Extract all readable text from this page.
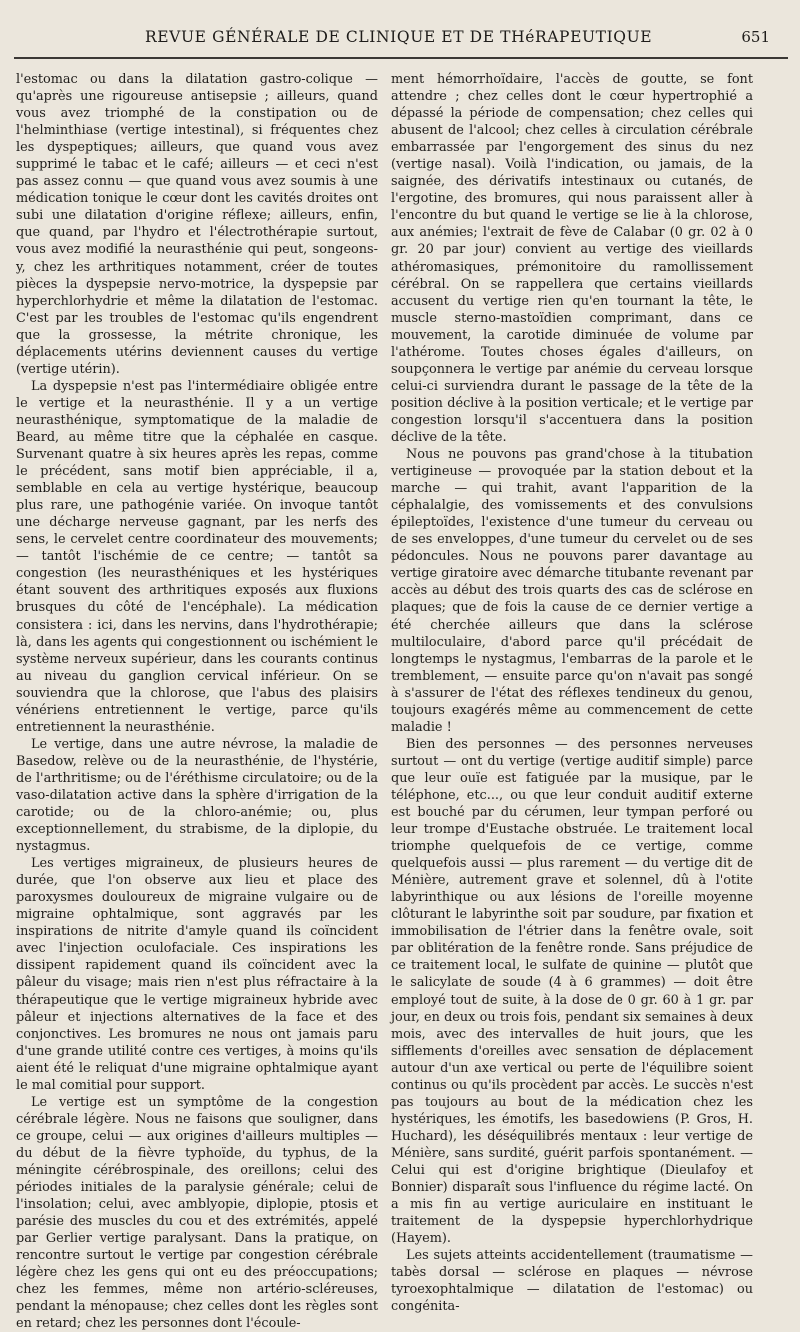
REVUE GÉNÉRALE DE CLINIQUE ET DE THéRAPEUTIQUE	651

l'estomac ou dans la dilatation gastro-colique — qu'après une rigoureuse antisepsie ; ailleurs, quand vous avez triomphé de la constipation ou de l'helminthiase (vertige intestinal), si fréquentes chez les dyspeptiques; ailleurs, que quand vous avez supprimé le tabac et le café; ailleurs — et ceci n'est pas assez connu — que quand vous avez soumis à une médication tonique le cœur dont les cavités droites ont subi une dilatation d'origine réflexe; ailleurs, enfin, que quand, par l'hydro et l'électrothérapie surtout, vous avez modifié la neurasthénie qui peut, songeons-y, chez les arthritiques notamment, créer de toutes pièces la dyspepsie nervo-motrice, la dyspepsie par hyperchlorhydrie et même la dilatation de l'estomac. C'est par les troubles de l'estomac qu'ils engendrent que la grossesse, la métrite chronique, les déplacements utérins deviennent causes du vertige (vertige utérin).

La dyspepsie n'est pas l'intermédiaire obligée entre le vertige et la neurasthénie. Il y a un vertige neurasthénique, symptomatique de la maladie de Beard, au même titre que la céphalée en casque. Survenant quatre à six heures après les repas, comme le précédent, sans motif bien appréciable, il a, semblable en cela au vertige hystérique, beaucoup plus rare, une pathogénie variée. On invoque tantôt une décharge nerveuse gagnant, par les nerfs des sens, le cervelet centre coordinateur des mouvements; — tantôt l'ischémie de ce centre; — tantôt sa congestion (les neurasthéniques et les hystériques étant souvent des arthritiques exposés aux fluxions brusques du côté de l'encéphale). La médication consistera : ici, dans les nervins, dans l'hydrothérapie; là, dans les agents qui congestionnent ou ischémient le système nerveux supérieur, dans les courants continus au niveau du ganglion cervical inférieur. On se souviendra que la chlorose, que l'abus des plaisirs vénériens entretiennent le vertige, parce qu'ils entretiennent la neurasthénie.

Le vertige, dans une autre névrose, la maladie de Basedow, relève ou de la neurasthénie, de l'hystérie, de l'arthritisme; ou de l'éréthisme circulatoire; ou de la vaso-dilatation active dans la sphère d'irrigation de la carotide; ou de la chloro-anémie; ou, plus exceptionnellement, du strabisme, de la diplopie, du nystagmus.

Les vertiges migraineux, de plusieurs heures de durée, que l'on observe aux lieu et place des paroxysmes douloureux de migraine vulgaire ou de migraine ophtalmique, sont aggravés par les inspirations de nitrite d'amyle quand ils coïncident avec l'injection oculofaciale. Ces inspirations les dissipent rapidement quand ils coïncident avec la pâleur du visage; mais rien n'est plus réfractaire à la thérapeutique que le vertige migraineux hybride avec pâleur et injections alternatives de la face et des conjonctives. Les bromures ne nous ont jamais paru d'une grande utilité contre ces vertiges, à moins qu'ils aient été le reliquat d'une migraine ophtalmique ayant le mal comitial pour support.

Le vertige est un symptôme de la congestion cérébrale légère. Nous ne faisons que souligner, dans ce groupe, celui — aux origines d'ailleurs multiples — du début de la fièvre typhoïde, du typhus, de la méningite cérébrospinale, des oreillons; celui des périodes initiales de la paralysie générale; celui de l'insolation; celui, avec amblyopie, diplopie, ptosis et parésie des muscles du cou et des extrémités, appelé par Gerlier vertige paralysant. Dans la pratique, on rencontre surtout le vertige par congestion cérébrale légère chez les gens qui ont eu des préoccupations; chez les femmes, même non artério-scléreuses, pendant la ménopause; chez celles dont les règles sont en retard; chez les personnes dont l'écoule-

ment hémorrhoïdaire, l'accès de goutte, se font attendre ; chez celles dont le cœur hypertrophié a dépassé la période de compensation; chez celles qui abusent de l'alcool; chez celles à circulation cérébrale embarrassée par l'engorgement des sinus du nez (vertige nasal). Voilà l'indication, ou jamais, de la saignée, des dérivatifs intestinaux ou cutanés, de l'ergotine, des bromures, qui nous paraissent aller à l'encontre du but quand le vertige se lie à la chlorose, aux anémies; l'extrait de fève de Calabar (0 gr. 02 à 0 gr. 20 par jour) convient au vertige des vieillards athéromasiques, prémonitoire du ramollissement cérébral. On se rappellera que certains vieillards accusent du vertige rien qu'en tournant la tête, le muscle sterno-mastoïdien comprimant, dans ce mouvement, la carotide diminuée de volume par l'athérome. Toutes choses égales d'ailleurs, on soupçonnera le vertige par anémie du cerveau lorsque celui-ci surviendra durant le passage de la tête de la position déclive à la position verticale; et le vertige par congestion lorsqu'il s'accentuera dans la position déclive de la tête.

Nous ne pouvons pas grand'chose à la titubation vertigineuse — provoquée par la station debout et la marche — qui trahit, avant l'apparition de la céphalalgie, des vomissements et des convulsions épileptoïdes, l'existence d'une tumeur du cerveau ou de ses enveloppes, d'une tumeur du cervelet ou de ses pédoncules. Nous ne pouvons parer davantage au vertige giratoire avec démarche titubante revenant par accès au début des trois quarts des cas de sclérose en plaques; que de fois la cause de ce dernier vertige a été cherchée ailleurs que dans la sclérose multiloculaire, d'abord parce qu'il précédait de longtemps le nystagmus, l'embarras de la parole et le tremblement, — ensuite parce qu'on n'avait pas songé à s'assurer de l'état des réflexes tendineux du genou, toujours exagérés même au commencement de cette maladie !

Bien des personnes — des personnes nerveuses surtout — ont du vertige (vertige auditif simple) parce que leur ouïe est fatiguée par la musique, par le téléphone, etc..., ou que leur conduit auditif externe est bouché par du cérumen, leur tympan perforé ou leur trompe d'Eustache obstruée. Le traitement local triomphe quelquefois de ce vertige, comme quelquefois aussi — plus rarement — du vertige dit de Ménière, autrement grave et solennel, dû à l'otite labyrinthique ou aux lésions de l'oreille moyenne clôturant le labyrinthe soit par soudure, par fixation et immobilisation de l'étrier dans la fenêtre ovale, soit par oblitération de la fenêtre ronde. Sans préjudice de ce traitement local, le sulfate de quinine — plutôt que le salicylate de soude (4 à 6 grammes) — doit être employé tout de suite, à la dose de 0 gr. 60 à 1 gr. par jour, en deux ou trois fois, pendant six semaines à deux mois, avec des intervalles de huit jours, que les sifflements d'oreilles avec sensation de déplacement autour d'un axe vertical ou perte de l'équilibre soient continus ou qu'ils procèdent par accès. Le succès n'est pas toujours au bout de la médication chez les hystériques, les émotifs, les basedowiens (P. Gros, H. Huchard), les déséquilibrés mentaux : leur vertige de Ménière, sans surdité, guérit parfois spontanément. — Celui qui est d'origine brightique (Dieulafoy et Bonnier) disparaît sous l'influence du régime lacté. On a mis fin au vertige auriculaire en instituant le traitement de la dyspepsie hyperchlorhydrique (Hayem).

Les sujets atteints accidentellement (traumatisme — tabès dorsal — sclérose en plaques — névrose tyroexophtalmique — dilatation de l'estomac) ou congénita-
